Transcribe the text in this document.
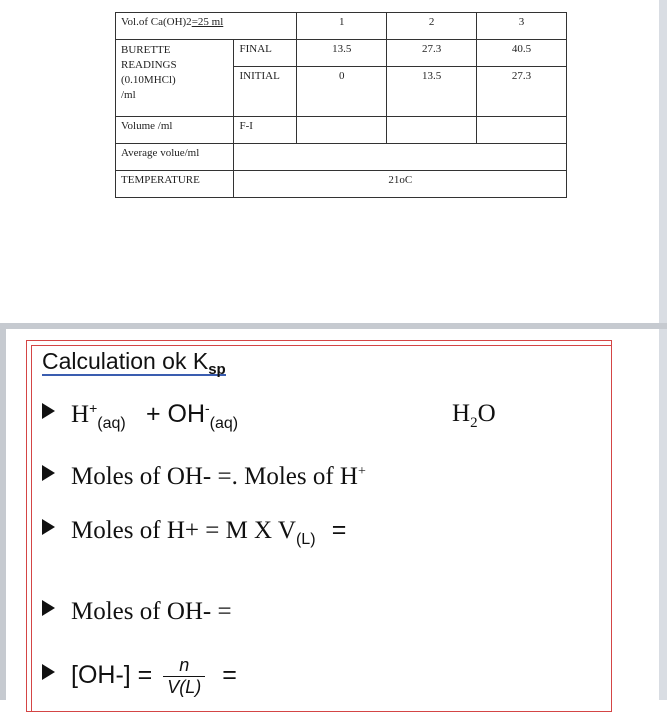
Vol.of Ca(OH)2=25 ml		1	2	3

BURETTE
READINGS
(0.10MHCl)
/ml	FINAL	13.5	27.3	40.5
	INITIAL	0	13.5	27.3
Volume /ml	F-I			
Average volue/ml				
TEMPERATURE	21oC			
Calculation ok $K_{sp}$
$H^+_{(aq)} + OH^-_{(aq)}$	$H_2O$
Moles of OH- =. Moles of H+
Moles of H+ = M X $V_{(L)}$ =
Moles of OH- =
$[OH-] = \frac{n}{V(L)}$ =
